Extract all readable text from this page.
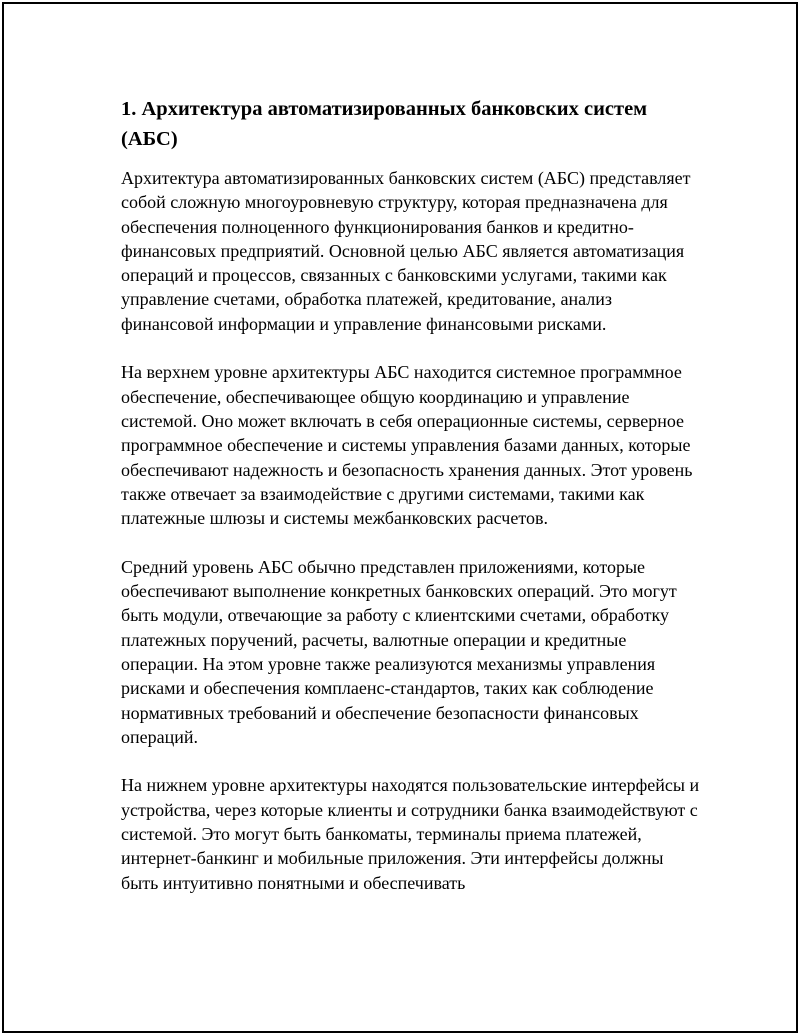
1. Архитектура автоматизированных банковских систем (АБС)

Архитектура автоматизированных банковских систем (АБС) представляет собой сложную многоуровневую структуру, которая предназначена для обеспечения полноценного функционирования банков и кредитно-финансовых предприятий. Основной целью АБС является автоматизация операций и процессов, связанных с банковскими услугами, такими как управление счетами, обработка платежей, кредитование, анализ финансовой информации и управление финансовыми рисками.

На верхнем уровне архитектуры АБС находится системное программное обеспечение, обеспечивающее общую координацию и управление системой. Оно может включать в себя операционные системы, серверное программное обеспечение и системы управления базами данных, которые обеспечивают надежность и безопасность хранения данных. Этот уровень также отвечает за взаимодействие с другими системами, такими как платежные шлюзы и системы межбанковских расчетов.

Средний уровень АБС обычно представлен приложениями, которые обеспечивают выполнение конкретных банковских операций. Это могут быть модули, отвечающие за работу с клиентскими счетами, обработку платежных поручений, расчеты, валютные операции и кредитные операции. На этом уровне также реализуются механизмы управления рисками и обеспечения комплаенс-стандартов, таких как соблюдение нормативных требований и обеспечение безопасности финансовых операций.

На нижнем уровне архитектуры находятся пользовательские интерфейсы и устройства, через которые клиенты и сотрудники банка взаимодействуют с системой. Это могут быть банкоматы, терминалы приема платежей, интернет-банкинг и мобильные приложения. Эти интерфейсы должны быть интуитивно понятными и обеспечивать
